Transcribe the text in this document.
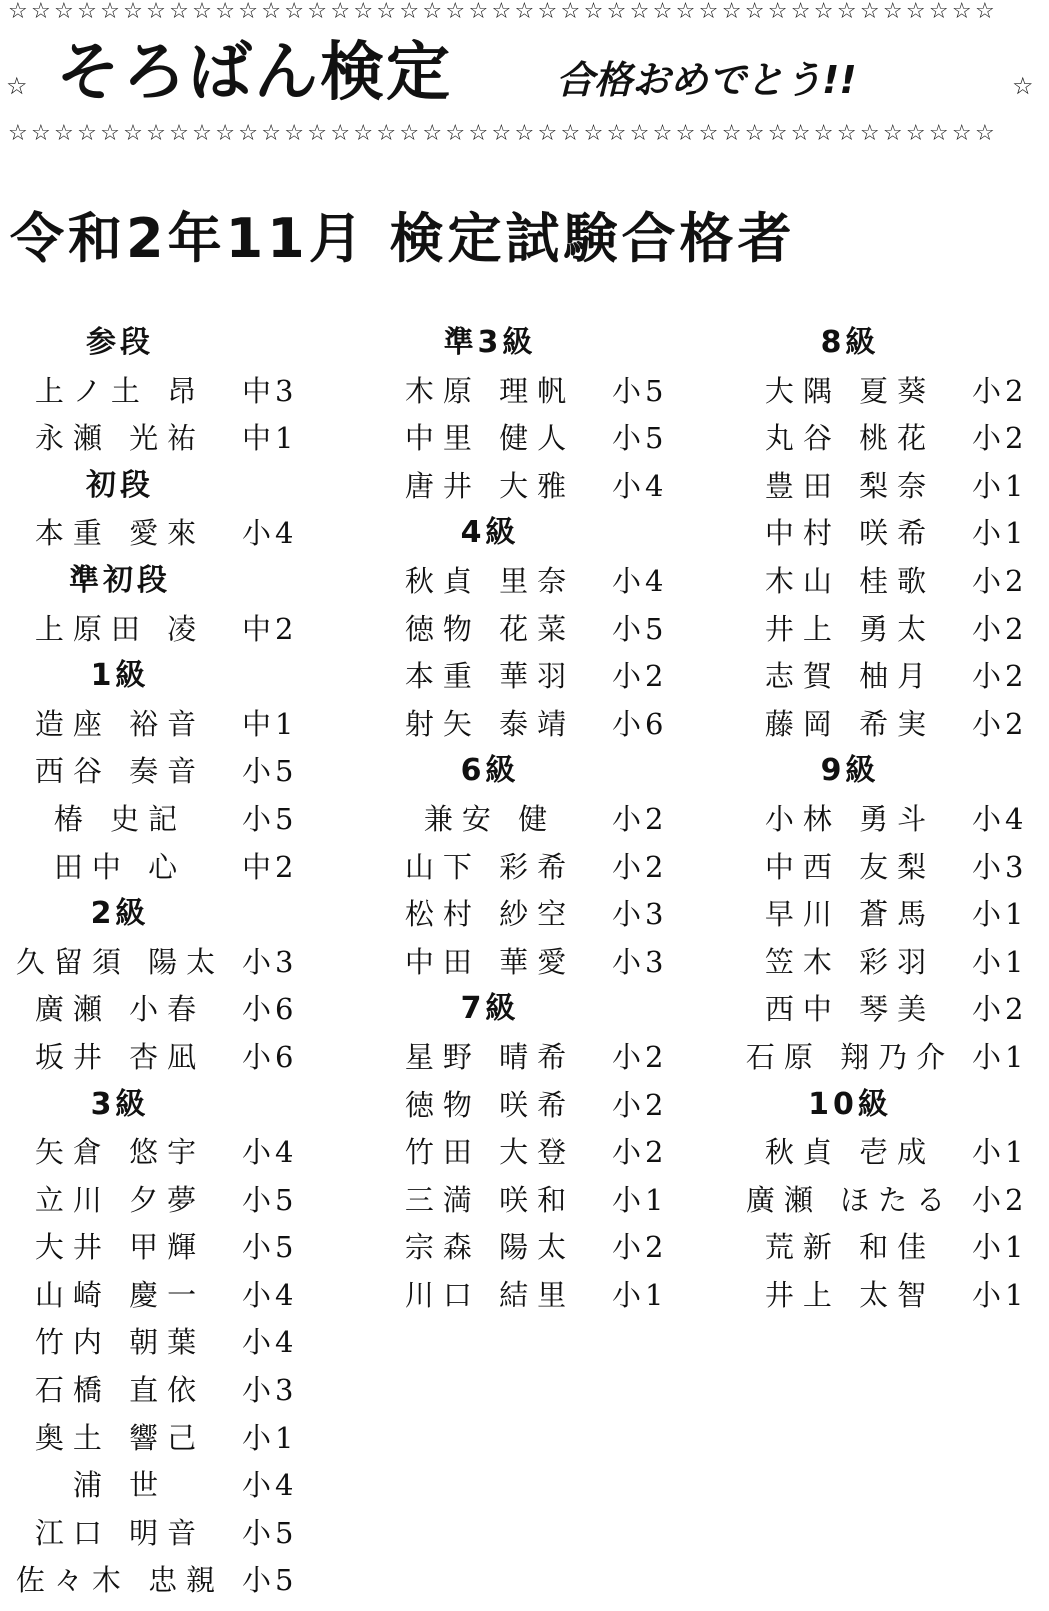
☆☆☆☆☆☆☆☆☆☆☆☆☆☆☆☆☆☆☆☆☆☆☆☆☆☆☆☆☆☆☆☆☆☆☆☆☆☆☆☆☆☆☆
☆ そろばん検定	合格おめでとう!!	☆
☆☆☆☆☆☆☆☆☆☆☆☆☆☆☆☆☆☆☆☆☆☆☆☆☆☆☆☆☆☆☆☆☆☆☆☆☆☆☆☆☆☆☆
令和2年11月 検定試験合格者
参段
上ノ土 昂	中3
永瀬 光祐	中1
初段
本重 愛來	小4
準初段
上原田 凌	中2
1級
造座 裕音	中1
西谷 奏音	小5
椿 史記	小5
田中 心	中2
2級
久留須 陽太 小3
廣瀬 小春	小6
坂井 杏凪	小6
3級
矢倉 悠宇	小4
立川 夕夢	小5
大井 甲輝	小5
山崎 慶一	小4
竹内 朝葉	小4
石橋 直依	小3
奥土 響己	小1
浦 世	小4
江口 明音	小5
佐々木 忠親 小5
準3級
木原 理帆	小5
中里 健人	小5
唐井 大雅	小4
4級
秋貞 里奈	小4
徳物 花菜	小5
本重 華羽	小2
射矢 泰靖	小6
6級
兼安 健	小2
山下 彩希	小2
松村 紗空	小3
中田 華愛	小3
7級
星野 晴希	小2
徳物 咲希	小2
竹田 大登	小2
三満 咲和	小1
宗森 陽太	小2
川口 結里	小1
8級
大隅 夏葵	小2
丸谷 桃花	小2
豊田 梨奈	小1
中村 咲希	小1
木山 桂歌	小2
井上 勇太	小2
志賀 柚月	小2
藤岡 希実	小2
9級
小林 勇斗	小4
中西 友梨	小3
早川 蒼馬	小1
笠木 彩羽	小1
西中 琴美	小2
石原 翔乃介 小1
10級
秋貞 壱成	小1
廣瀬 ほたる 小2
荒新 和佳	小1
井上 太智	小1
